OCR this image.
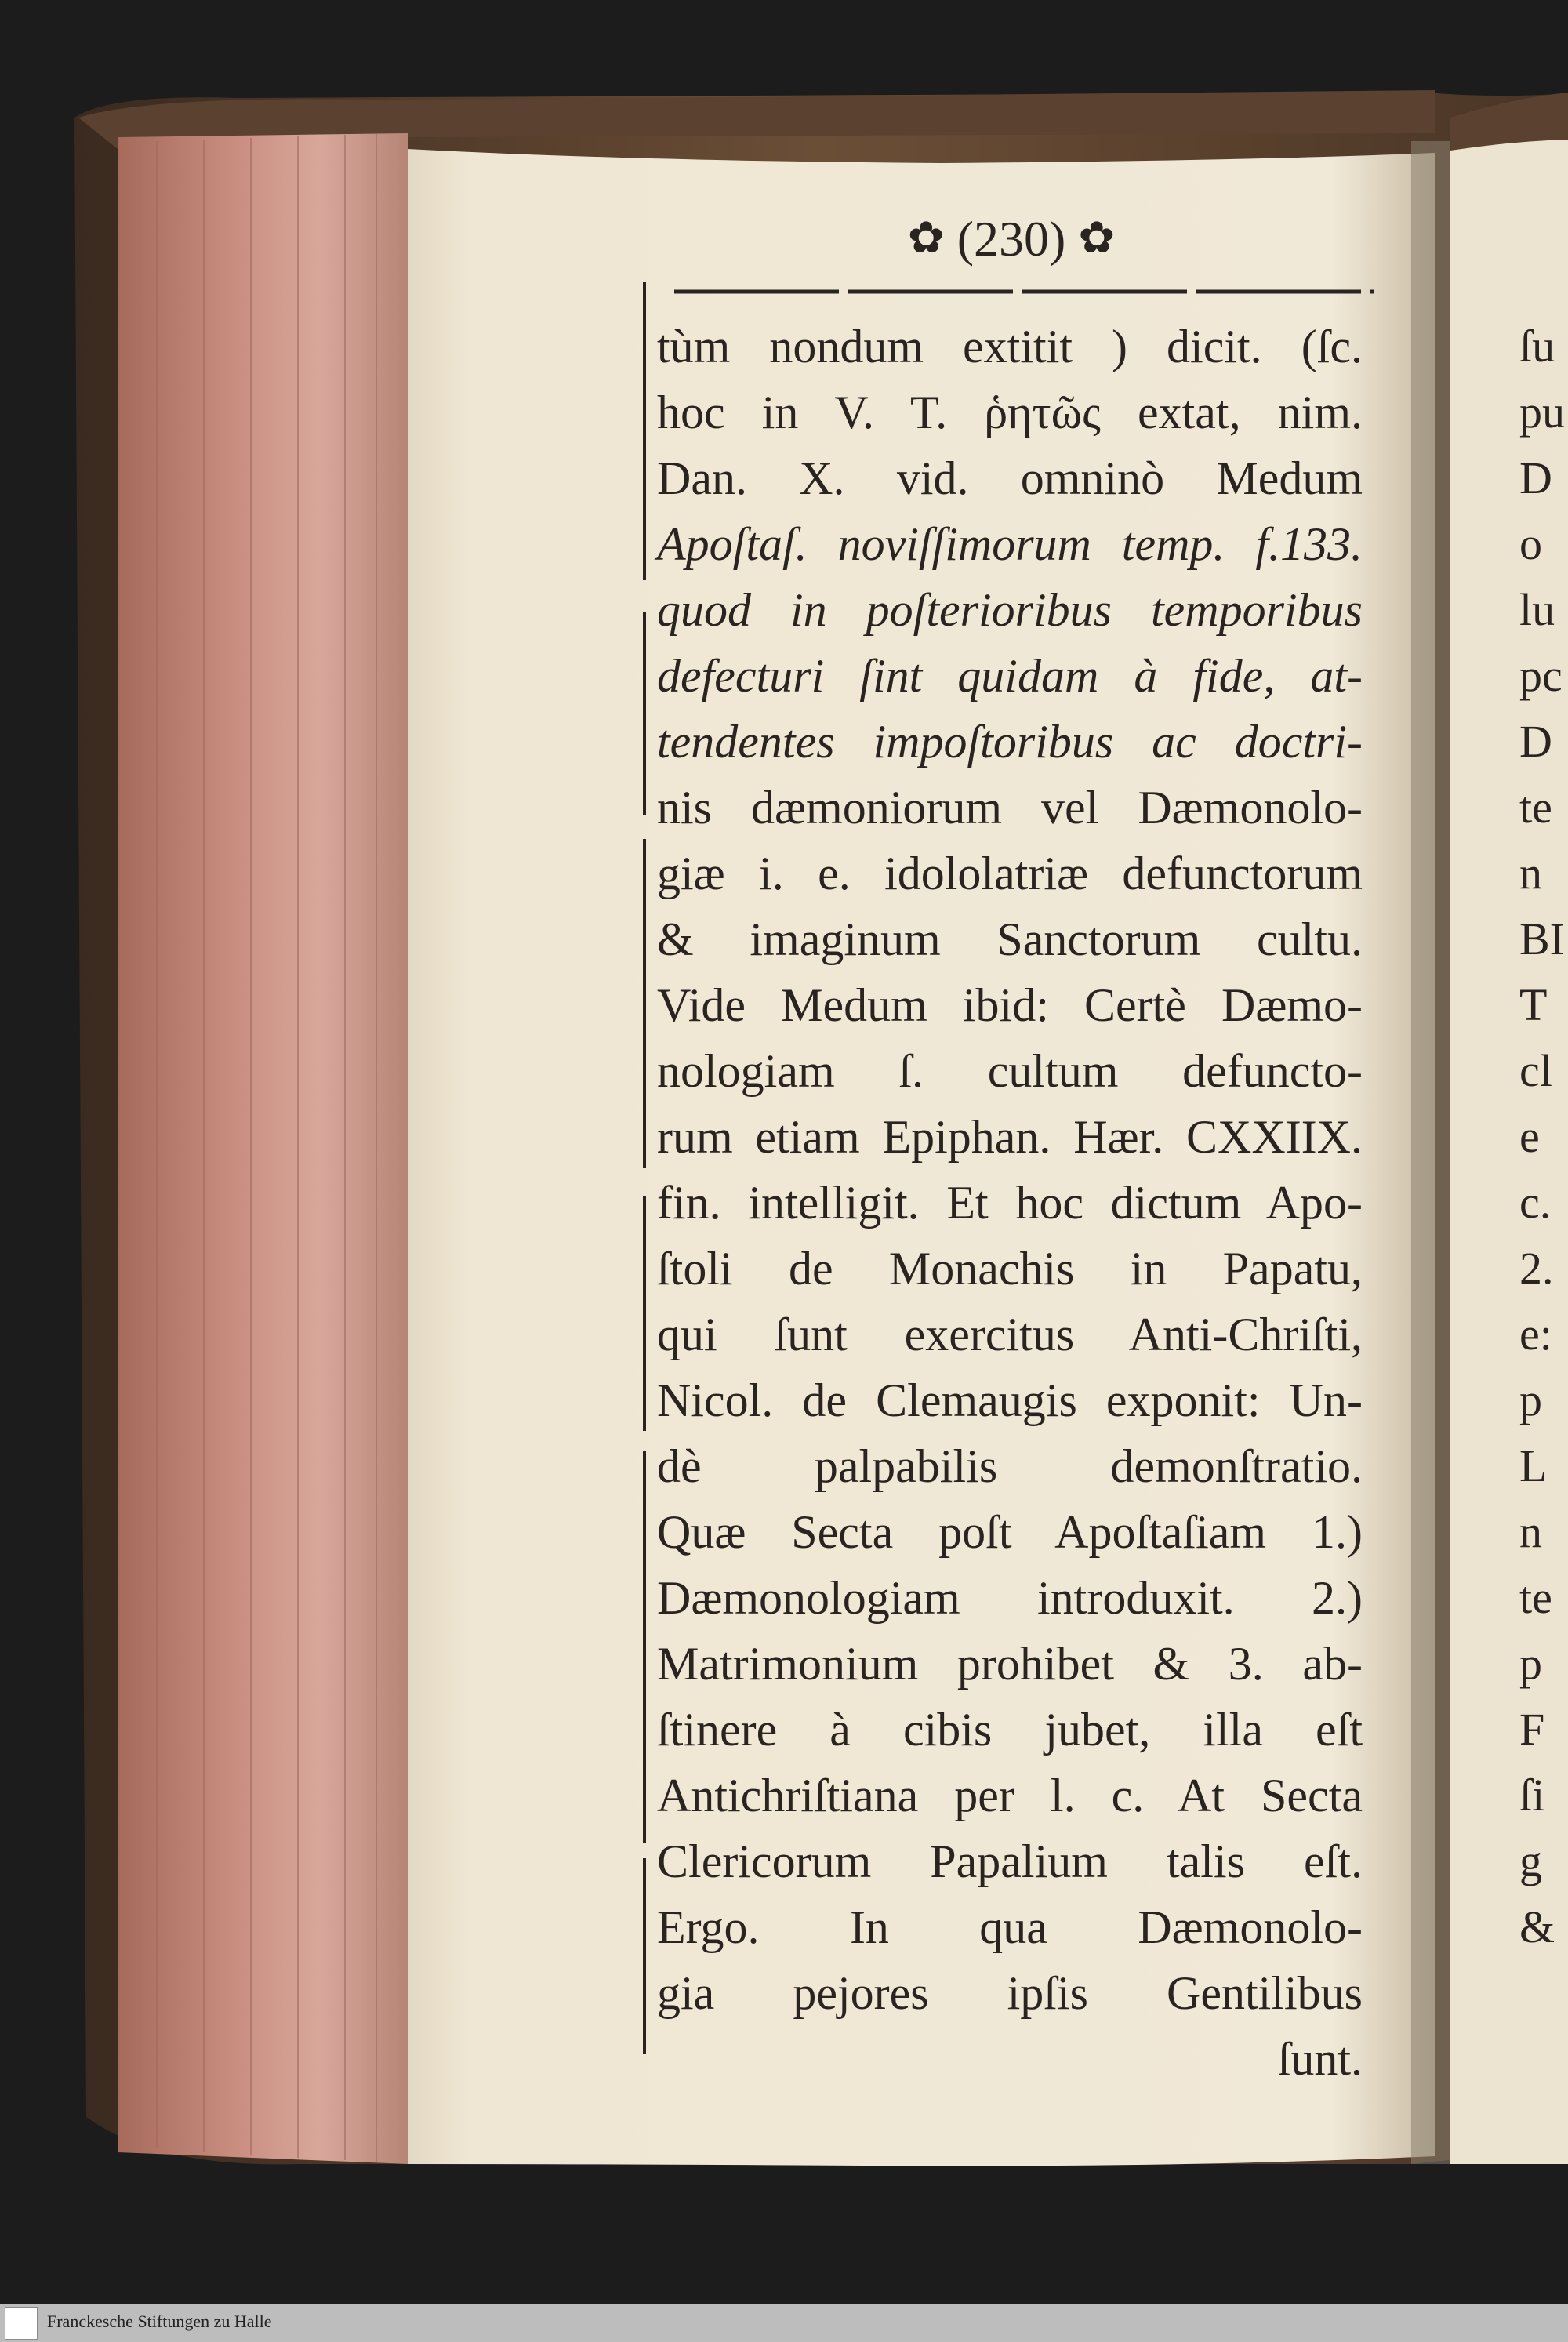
✿ (230) ✿
tùm nondum extitit ) dicit. (ſc.
hoc in V. T. ῥητῶς extat, nim.
Dan. X. vid. omninò Medum
Apoſtaſ. noviſſimorum temp. f.133.
quod in poſterioribus temporibus
defecturi ſint quidam à fide, at-
tendentes impoſtoribus ac doctri-
nis dæmoniorum vel Dæmonolo-
giæ i. e. idololatriæ defunctorum
& imaginum Sanctorum cultu.
Vide Medum ibid: Certè Dæmo-
nologiam ſ. cultum defuncto-
rum etiam Epiphan. Hær. CXXIIX.
fin. intelligit. Et hoc dictum Apo-
ſtoli de Monachis in Papatu,
qui ſunt exercitus Anti-Chriſti,
Nicol. de Clemaugis exponit: Un-
dè palpabilis demonſtratio.
Quæ Secta poſt Apoſtaſiam 1.)
Dæmonologiam introduxit. 2.)
Matrimonium prohibet & 3. ab-
ſtinere à cibis jubet, illa eſt
Antichriſtiana per l. c. At Secta
Clericorum Papalium talis eſt.
Ergo. In qua Dæmonolo-
gia pejores ipſis Gentilibus
ſunt.
ſu
pu
D
o
lu
pc
D
te
n
BI
T
cl
e
c.
2.
e:
p
L
n
te
p
F
ſi
g
&
Franckesche Stiftungen zu Halle
